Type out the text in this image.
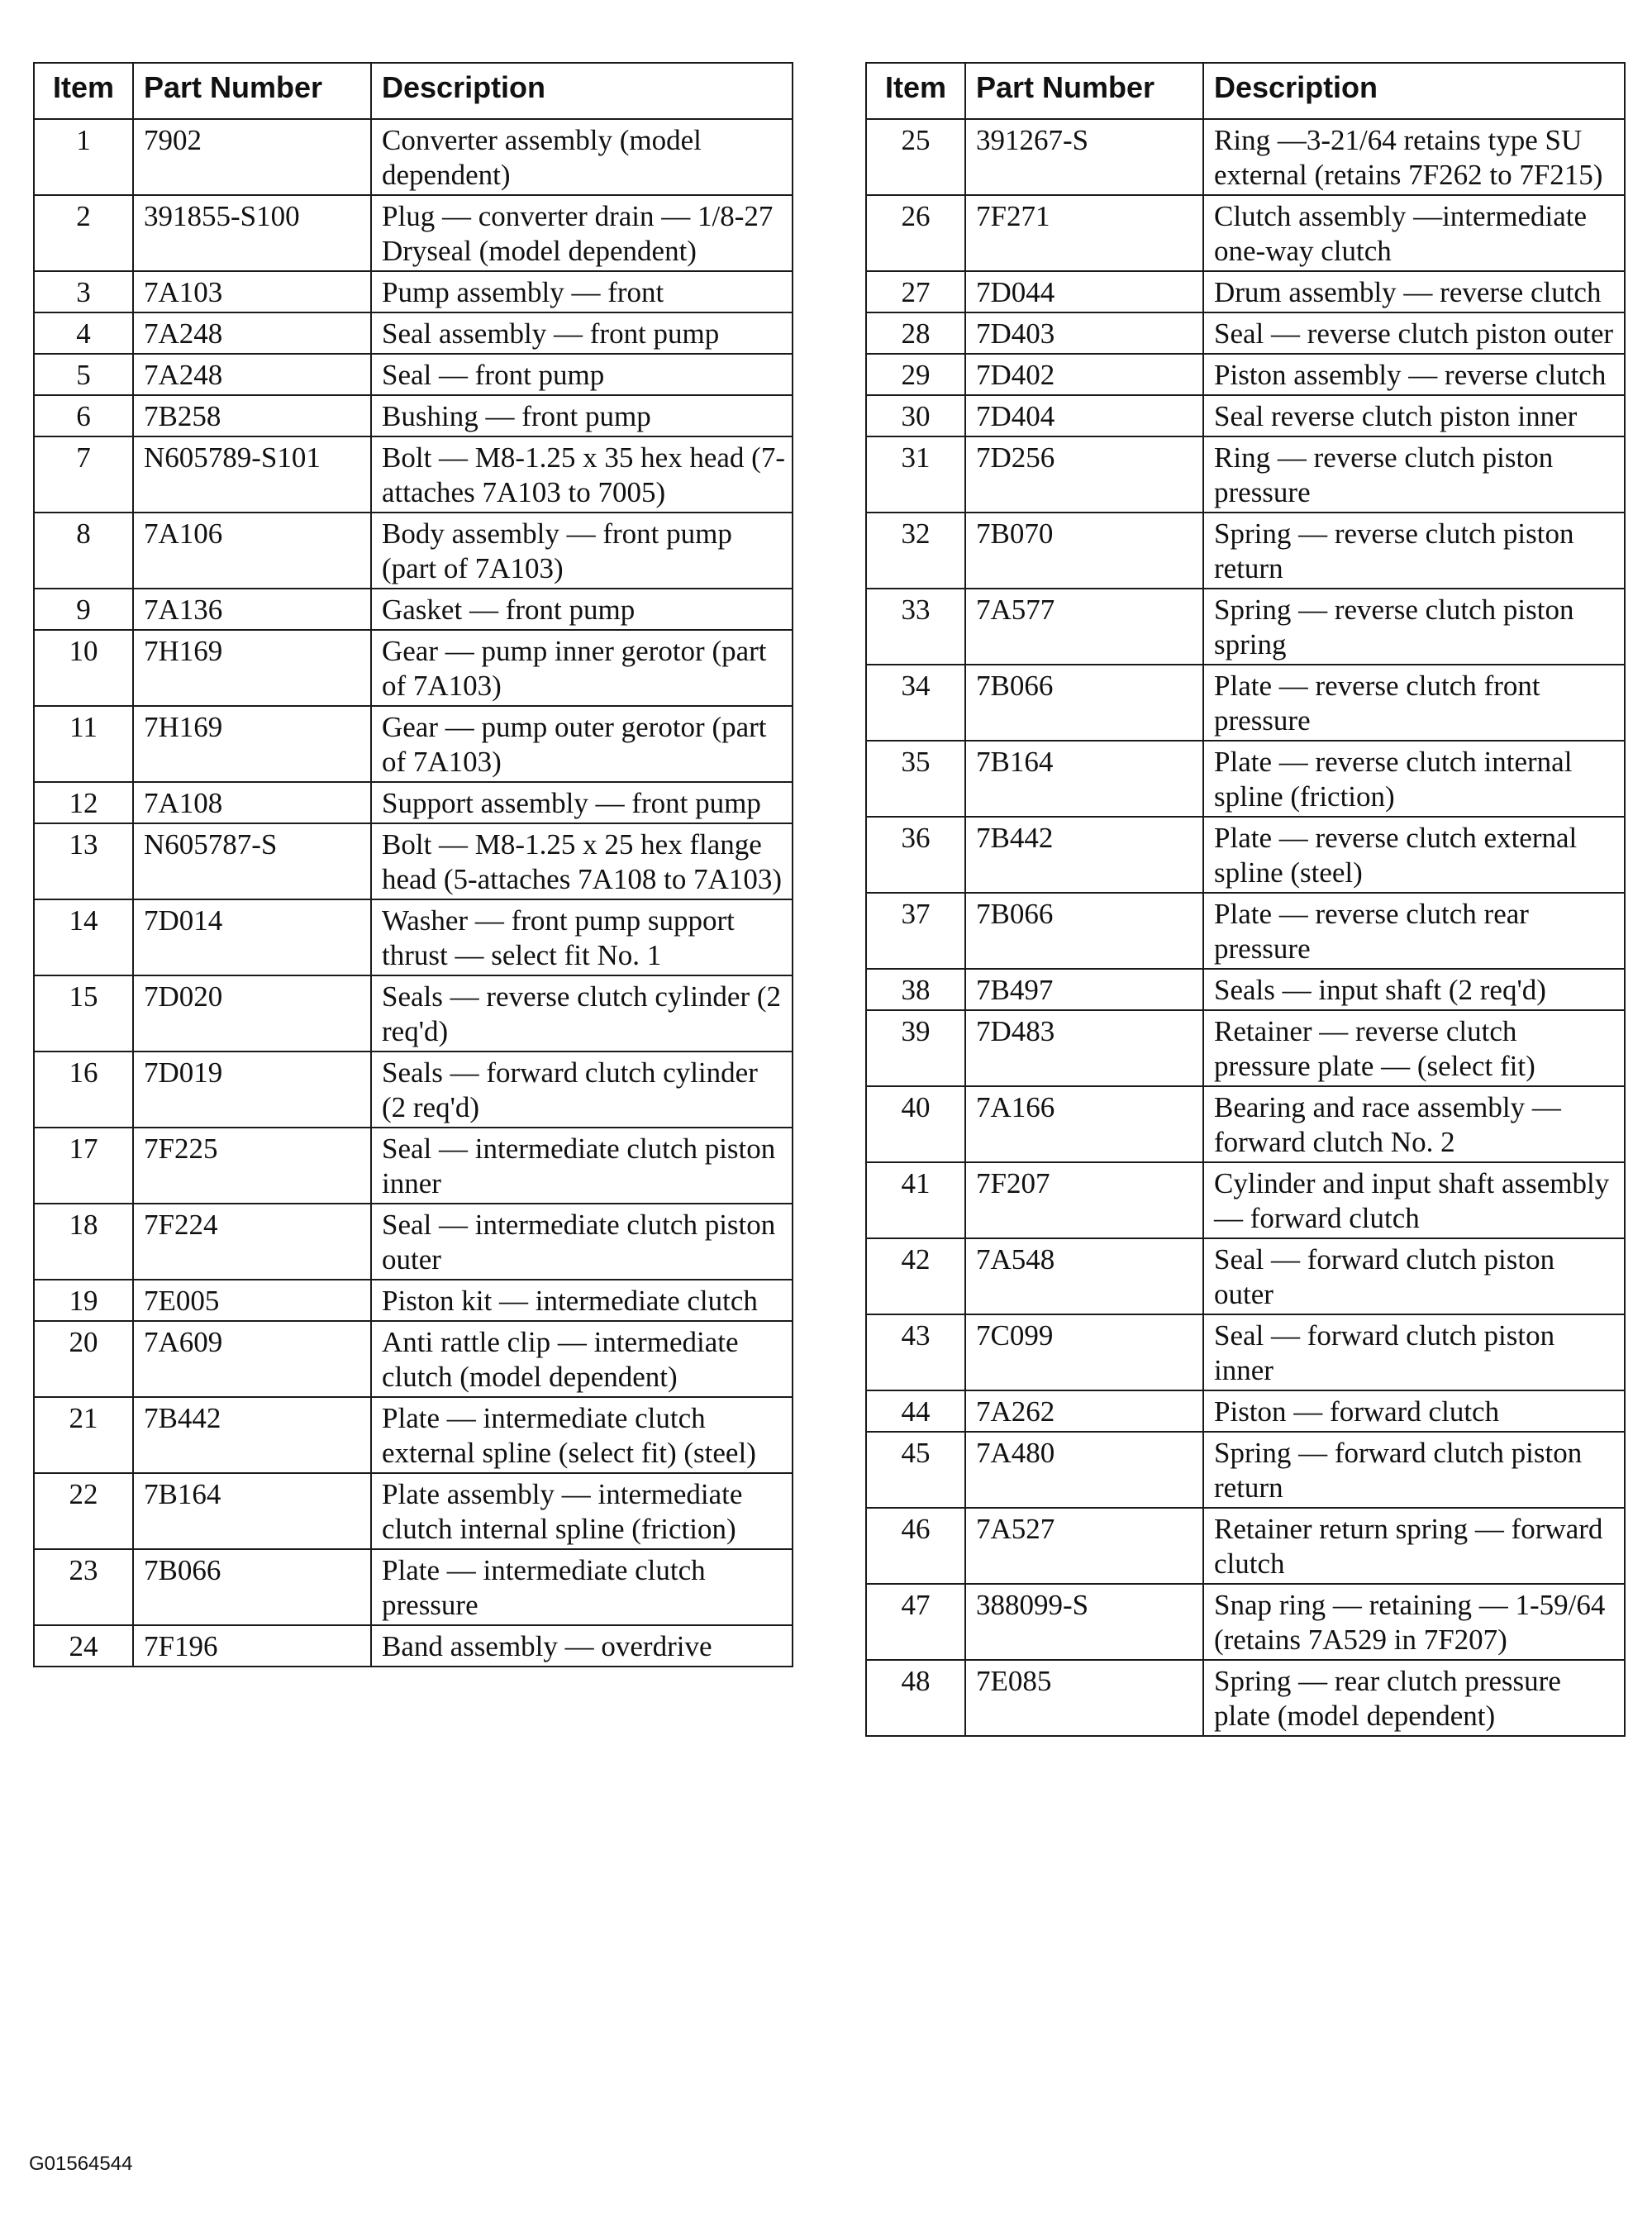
Item	Part Number	Description
1	7902	Converter assembly (model dependent)
2	391855-S100	Plug — converter drain — 1/8-27 Dryseal (model dependent)
3	7A103	Pump assembly — front
4	7A248	Seal assembly — front pump
5	7A248	Seal — front pump
6	7B258	Bushing — front pump
7	N605789-S101	Bolt — M8-1.25 x 35 hex head (7-attaches 7A103 to 7005)
8	7A106	Body assembly — front pump (part of 7A103)
9	7A136	Gasket — front pump
10	7H169	Gear — pump inner gerotor (part of 7A103)
11	7H169	Gear — pump outer gerotor (part of 7A103)
12	7A108	Support assembly — front pump
13	N605787-S	Bolt — M8-1.25 x 25 hex flange head (5-attaches 7A108 to 7A103)
14	7D014	Washer — front pump support thrust — select fit No. 1
15	7D020	Seals — reverse clutch cylinder (2 req'd)
16	7D019	Seals — forward clutch cylinder (2 req'd)
17	7F225	Seal — intermediate clutch piston inner
18	7F224	Seal — intermediate clutch piston outer
19	7E005	Piston kit — intermediate clutch
20	7A609	Anti rattle clip — intermediate clutch (model dependent)
21	7B442	Plate — intermediate clutch external spline (select fit) (steel)
22	7B164	Plate assembly — intermediate clutch internal spline (friction)
23	7B066	Plate — intermediate clutch pressure
24	7F196	Band assembly — overdrive
Item	Part Number	Description
25	391267-S	Ring —3-21/64 retains type SU external (retains 7F262 to 7F215)
26	7F271	Clutch assembly —intermediate one-way clutch
27	7D044	Drum assembly — reverse clutch
28	7D403	Seal — reverse clutch piston outer
29	7D402	Piston assembly — reverse clutch
30	7D404	Seal reverse clutch piston inner
31	7D256	Ring — reverse clutch piston pressure
32	7B070	Spring — reverse clutch piston return
33	7A577	Spring — reverse clutch piston spring
34	7B066	Plate — reverse clutch front pressure
35	7B164	Plate — reverse clutch internal spline (friction)
36	7B442	Plate — reverse clutch external spline (steel)
37	7B066	Plate — reverse clutch rear pressure
38	7B497	Seals — input shaft (2 req'd)
39	7D483	Retainer — reverse clutch pressure plate — (select fit)
40	7A166	Bearing and race assembly — forward clutch No. 2
41	7F207	Cylinder and input shaft assembly — forward clutch
42	7A548	Seal — forward clutch piston outer
43	7C099	Seal — forward clutch piston inner
44	7A262	Piston — forward clutch
45	7A480	Spring — forward clutch piston return
46	7A527	Retainer return spring — forward clutch
47	388099-S	Snap ring — retaining — 1-59/64 (retains 7A529 in 7F207)
48	7E085	Spring — rear clutch pressure plate (model dependent)
G01564544
